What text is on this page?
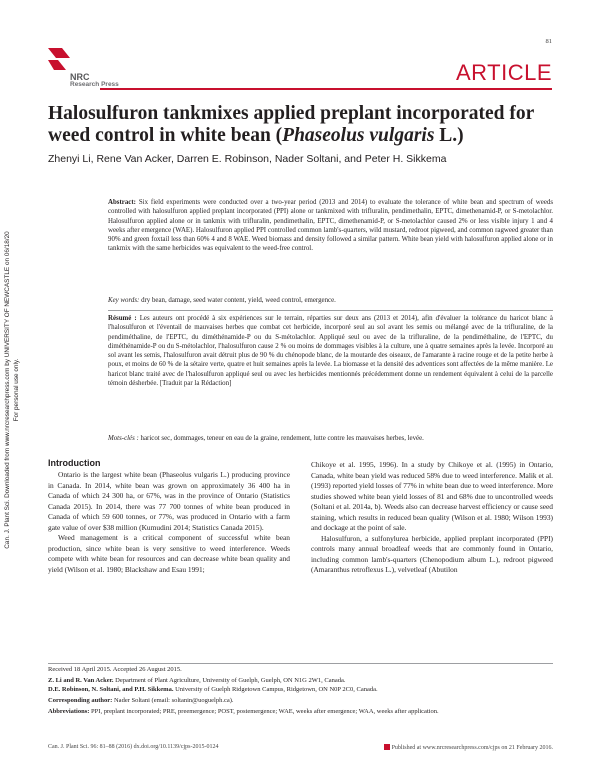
81
NRC
Research Press	ARTICLE
Halosulfuron tankmixes applied preplant incorporated for weed control in white bean (Phaseolus vulgaris L.)
Zhenyi Li, Rene Van Acker, Darren E. Robinson, Nader Soltani, and Peter H. Sikkema
Can. J. Plant Sci. Downloaded from www.nrcresearchpress.com by UNIVERSITY OF NEWCASTLE on 06/18/20 For personal use only.
Abstract: Six field experiments were conducted over a two-year period (2013 and 2014) to evaluate the tolerance of white bean and spectrum of weeds controlled with halosulfuron applied preplant incorporated (PPI) alone or tankmixed with trifluralin, pendimethalin, EPTC, dimethenamid-P, or S-metolachlor. Halosulfuron applied alone or in tankmix with trifluralin, pendimethalin, EPTC, dimethenamid-P, or S-metolachlor caused 2% or less visible injury 1 and 4 weeks after emergence (WAE). Halosulfuron applied PPI controlled common lamb's-quarters, wild mustard, redroot pigweed, and common ragweed greater than 90% and green foxtail less than 60% 4 and 8 WAE. Weed biomass and density followed a similar pattern. White bean yield with halosulfuron applied alone or in tankmix with the same herbicides was equivalent to the weed-free control.
Key words: dry bean, damage, seed water content, yield, weed control, emergence.
Résumé : Les auteurs ont procédé à six expériences sur le terrain, réparties sur deux ans (2013 et 2014), afin d'évaluer la tolérance du haricot blanc à l'halosulfuron et l'éventail de mauvaises herbes que combat cet herbicide, incorporé seul au sol avant les semis ou mélangé avec de la trifluraline, de la pendiméthaline, de l'EPTC, du diméthénamide-P ou du S-métolachlor. Appliqué seul ou avec de la trifluraline, de la pendiméthaline, de l'EPTC, du diméthénamide-P ou du S-métolachlor, l'halosulfuron cause 2 % ou moins de dommages visibles à la culture, une à quatre semaines après la levée. Incorporé au sol avant les semis, l'halosulfuron avait détruit plus de 90 % du chénopode blanc, de la moutarde des oiseaux, de l'amarante à racine rouge et de la petite herbe à poux, et moins de 60 % de la sétaire verte, quatre et huit semaines après la levée. La biomasse et la densité des adventices sont affectées de la même manière. Le haricot blanc traité avec de l'halosulfuron appliqué seul ou avec les herbicides mentionnés précédemment donne un rendement équivalent à celui de la parcelle témoin désherbée. [Traduit par la Rédaction]
Mots-clés : haricot sec, dommages, teneur en eau de la graine, rendement, lutte contre les mauvaises herbes, levée.
Introduction

Ontario is the largest white bean (Phaseolus vulgaris L.) producing province in Canada. In 2014, white bean was grown on approximately 36 400 ha in Canada of which 24 300 ha, or 67%, was in the province of Ontario (Statistics Canada 2015). In 2014, there was 77 700 tonnes of white bean produced in Canada of which 59 600 tonnes, or 77%, was produced in Ontario with a farm gate value of over $38 million (Kumudini 2014; Statistics Canada 2015).

Weed management is a critical component of successful white bean production, since white bean is very sensitive to weed interference. Weeds compete with white bean for resources and can decrease white bean quality and yield (Wilson et al. 1980; Blackshaw and Esau 1991;

Chikoye et al. 1995, 1996). In a study by Chikoye et al. (1995) in Ontario, Canada, white bean yield was reduced 58% due to weed interference. Malik et al. (1993) reported yield losses of 77% in white bean due to weed interference. More studies showed white bean yield losses of 81 and 68% due to uncontrolled weeds (Soltani et al. 2014a, b). Weeds also can decrease harvest efficiency or cause seed staining, which results in reduced bean quality (Wilson et al. 1980; Wilson 1993) and dockage at the point of sale.

Halosulfuron, a sulfonylurea herbicide, applied preplant incorporated (PPI) controls many annual broadleaf weeds that are commonly found in Ontario, including common lamb's-quarters (Chenopodium album L.), redroot pigweed (Amaranthus retroflexus L.), velvetleaf (Abutilon

Received 18 April 2015. Accepted 26 August 2015.
Z. Li and R. Van Acker. Department of Plant Agriculture, University of Guelph, Guelph, ON N1G 2W1, Canada.
D.E. Robinson, N. Soltani, and P.H. Sikkema. University of Guelph Ridgetown Campus, Ridgetown, ON N0P 2C0, Canada.
Corresponding author: Nader Soltani (email: soltanin@uoguelph.ca).
Abbreviations: PPI, preplant incorporated; PRE, preemergence; POST, postemergence; WAE, weeks after emergence; WAA, weeks after application.
Can. J. Plant Sci. 96: 81–88 (2016) dx.doi.org/10.1139/cjps-2015-0124	Published at www.nrcresearchpress.com/cjps on 21 February 2016.
